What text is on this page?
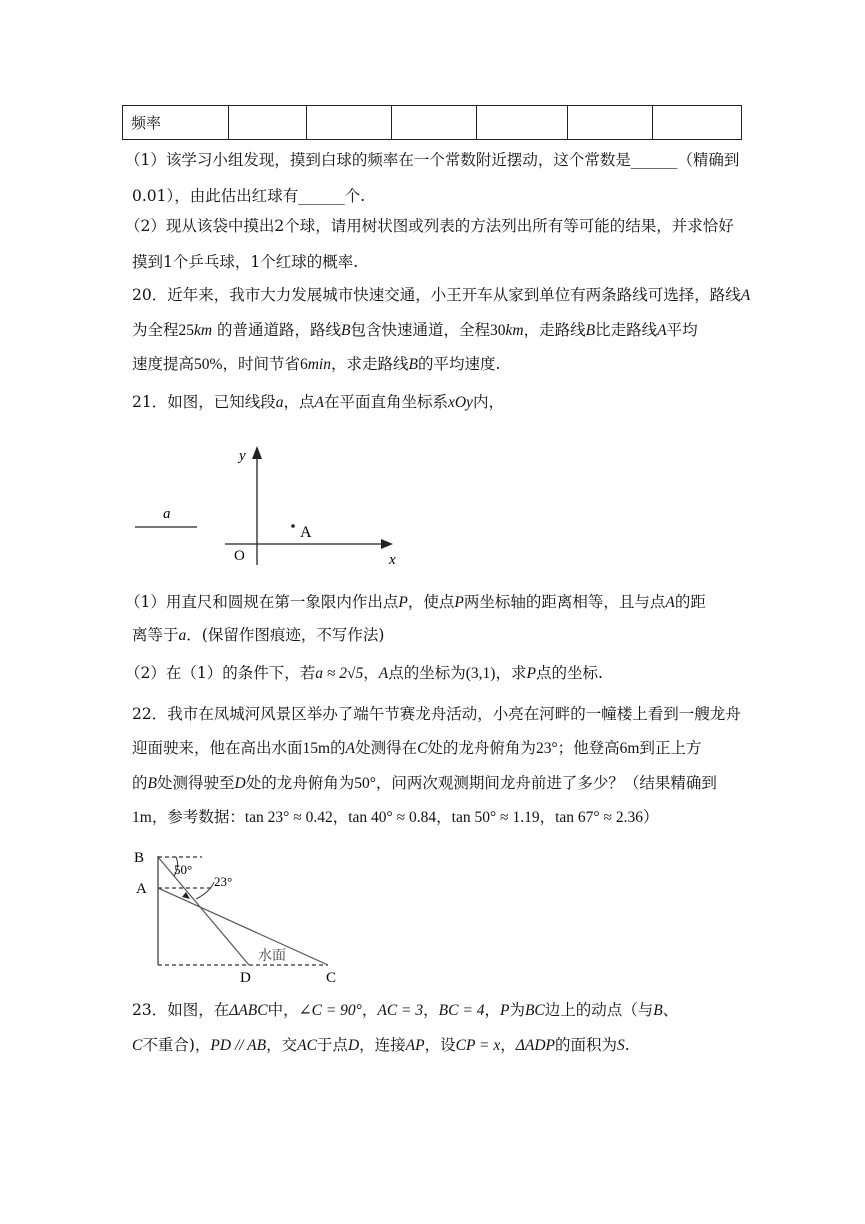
频率						
（1）该学习小组发现，摸到白球的频率在一个常数附近摆动，这个常数是______（精确到
0.01），由此估出红球有______个.
（2）现从该袋中摸出2个球，请用树状图或列表的方法列出所有等可能的结果，并求恰好
摸到1个乒乓球，1个红球的概率.
20．近年来，我市大力发展城市快速交通，小王开车从家到单位有两条路线可选择，路线A
为全程25km 的普通道路，路线B包含快速通道，全程30km，走路线B比走路线A平均
速度提高50%，时间节省6min，求走路线B的平均速度.
21．如图，已知线段a，点A在平面直角坐标系xOy内，
a
y
x
O
A
（1）用直尺和圆规在第一象限内作出点P，使点P两坐标轴的距离相等，且与点A的距
离等于a．(保留作图痕迹，不写作法)
（2）在（1）的条件下，若a ≈ 2√5，A点的坐标为(3,1)，求P点的坐标.
22．我市在凤城河风景区举办了端午节赛龙舟活动，小亮在河畔的一幢楼上看到一艘龙舟
迎面驶来，他在高出水面15m的A处测得在C处的龙舟俯角为23°；他登高6m到正上方
的B处测得驶至D处的龙舟俯角为50°，问两次观测期间龙舟前进了多少？（结果精确到
1m，参考数据：tan 23° ≈ 0.42，tan 40° ≈ 0.84，tan 50° ≈ 1.19，tan 67° ≈ 2.36）
B
A
D	C
50°
23°
水面
23．如图，在ΔABC中，∠C = 90°，AC = 3，BC = 4，P为BC边上的动点（与B、
C不重合)，PD // AB，交AC于点D，连接AP，设CP = x，ΔADP的面积为S.
